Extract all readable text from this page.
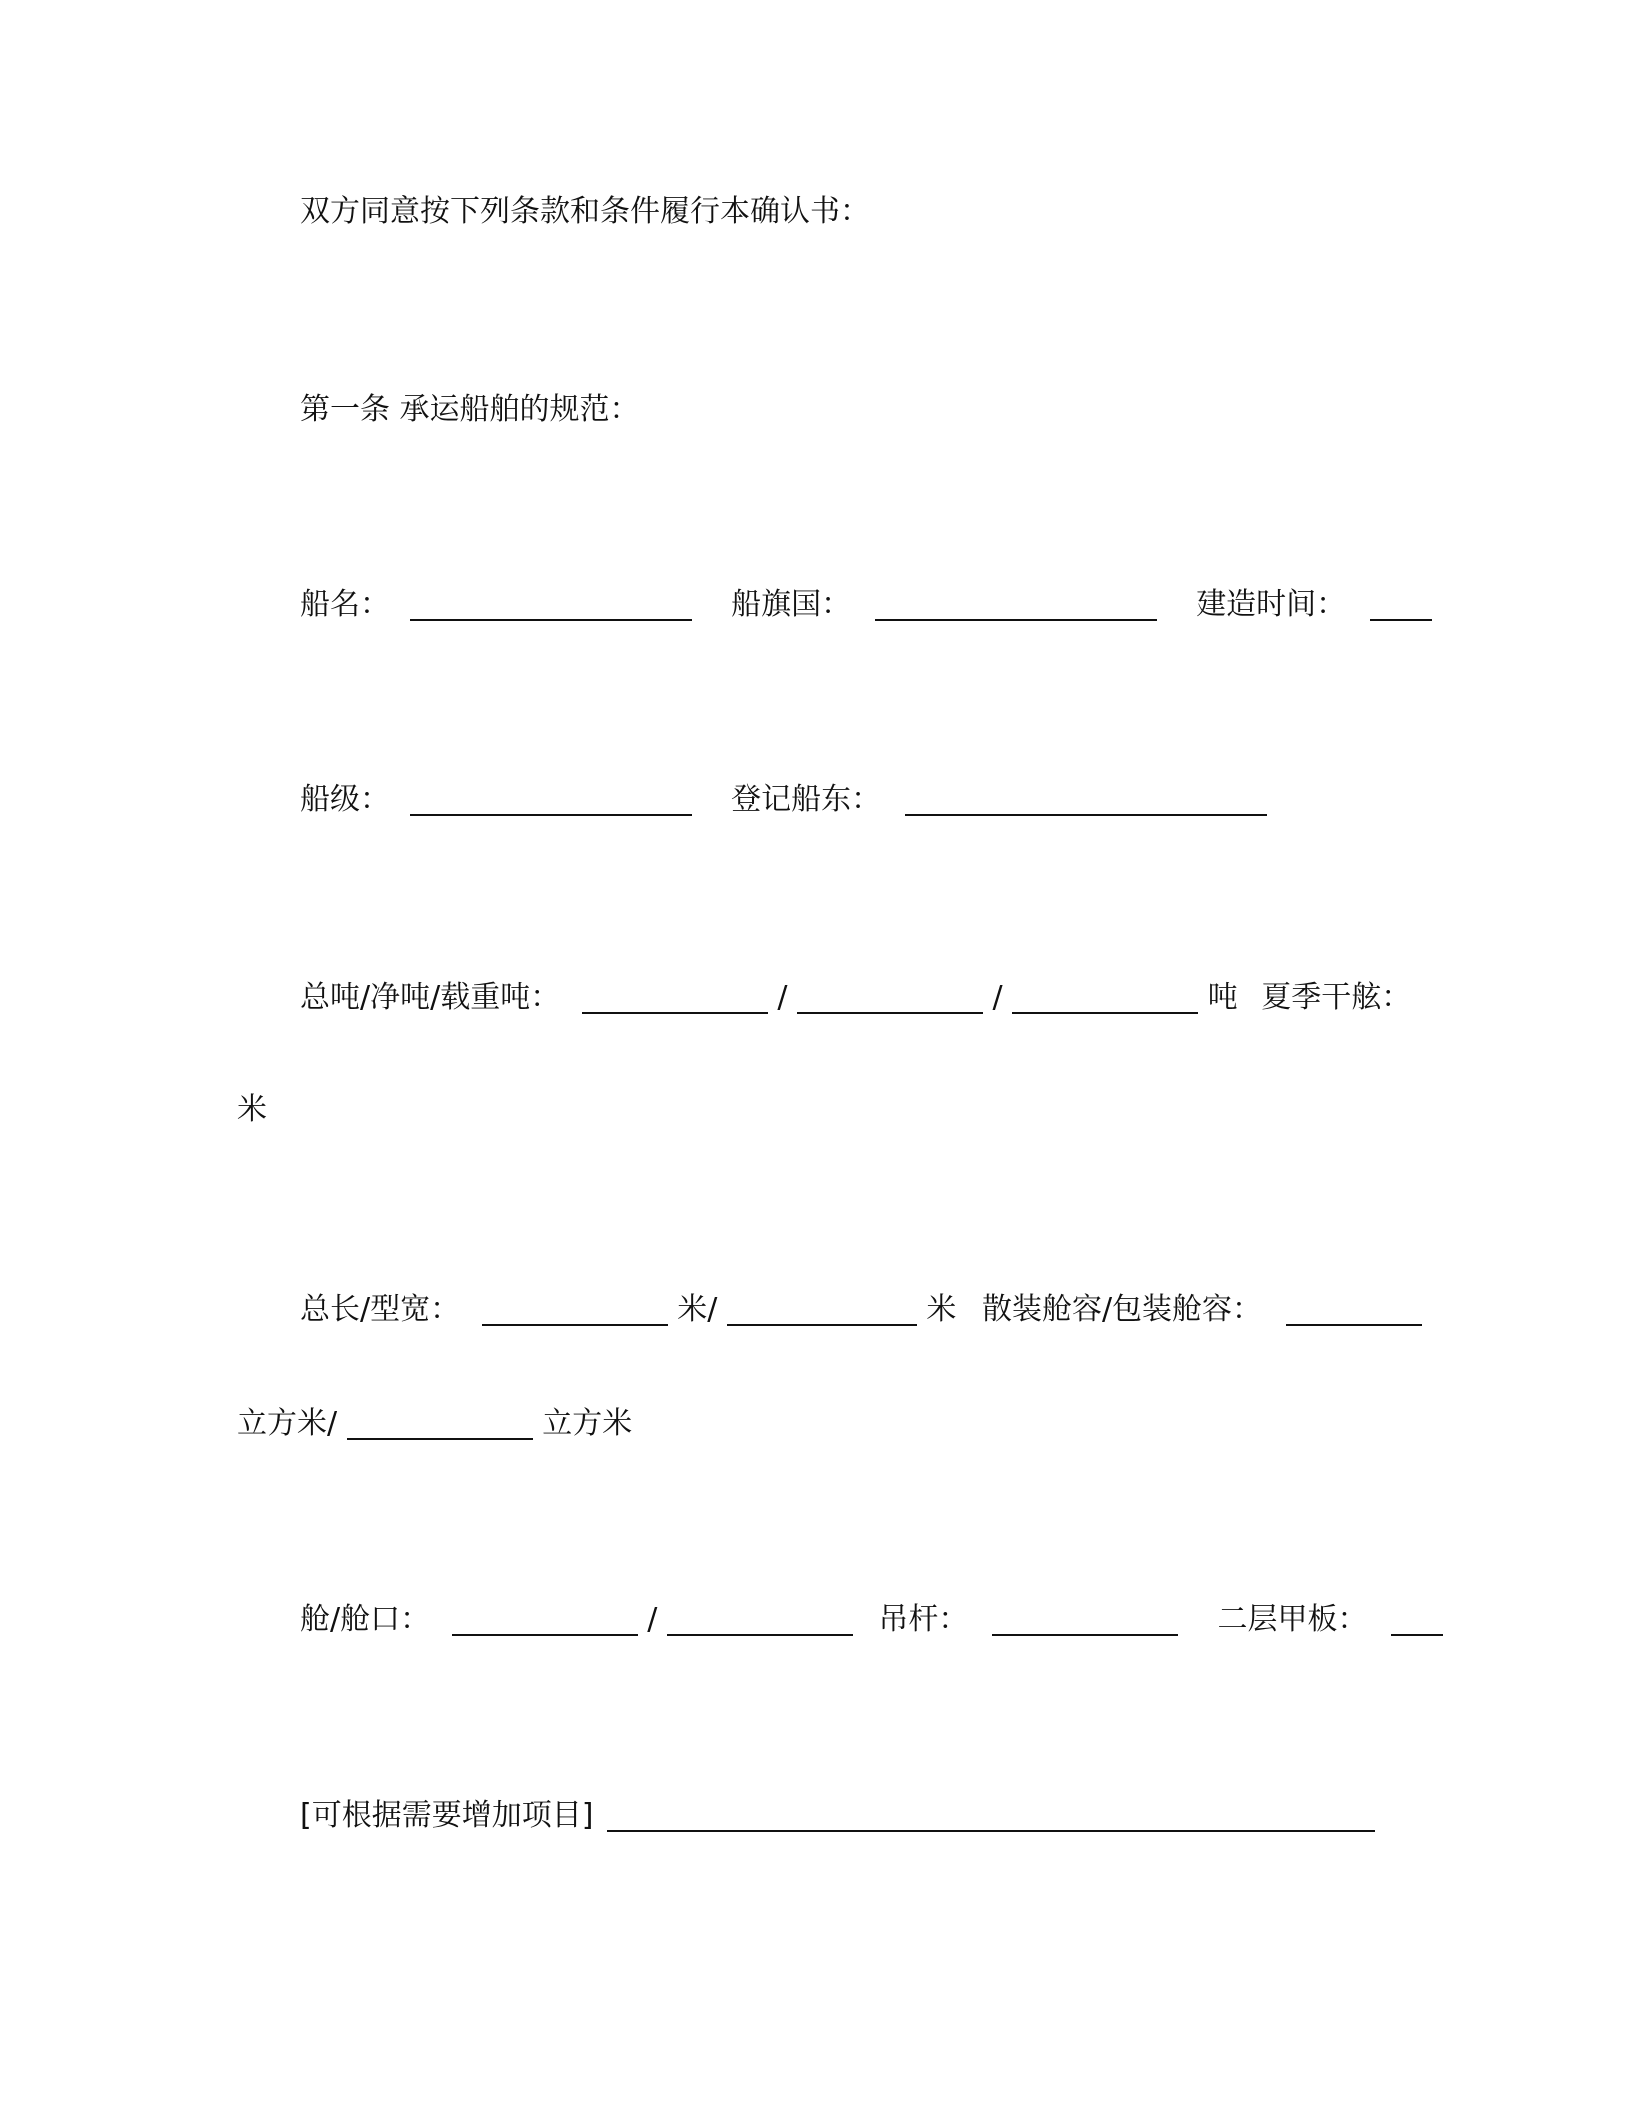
双方同意按下列条款和条件履行本确认书：
第一条 承运船舶的规范：
船名：	船旗国：	建造时间：
船级：	登记船东：
总吨/净吨/载重吨：	/	/	吨 夏季干舷：
米
总长/型宽：	米/	米 散装舱容/包装舱容：
立方米/	立方米
舱/舱口：	/	吊杆：	二层甲板：
[可根据需要增加项目]
